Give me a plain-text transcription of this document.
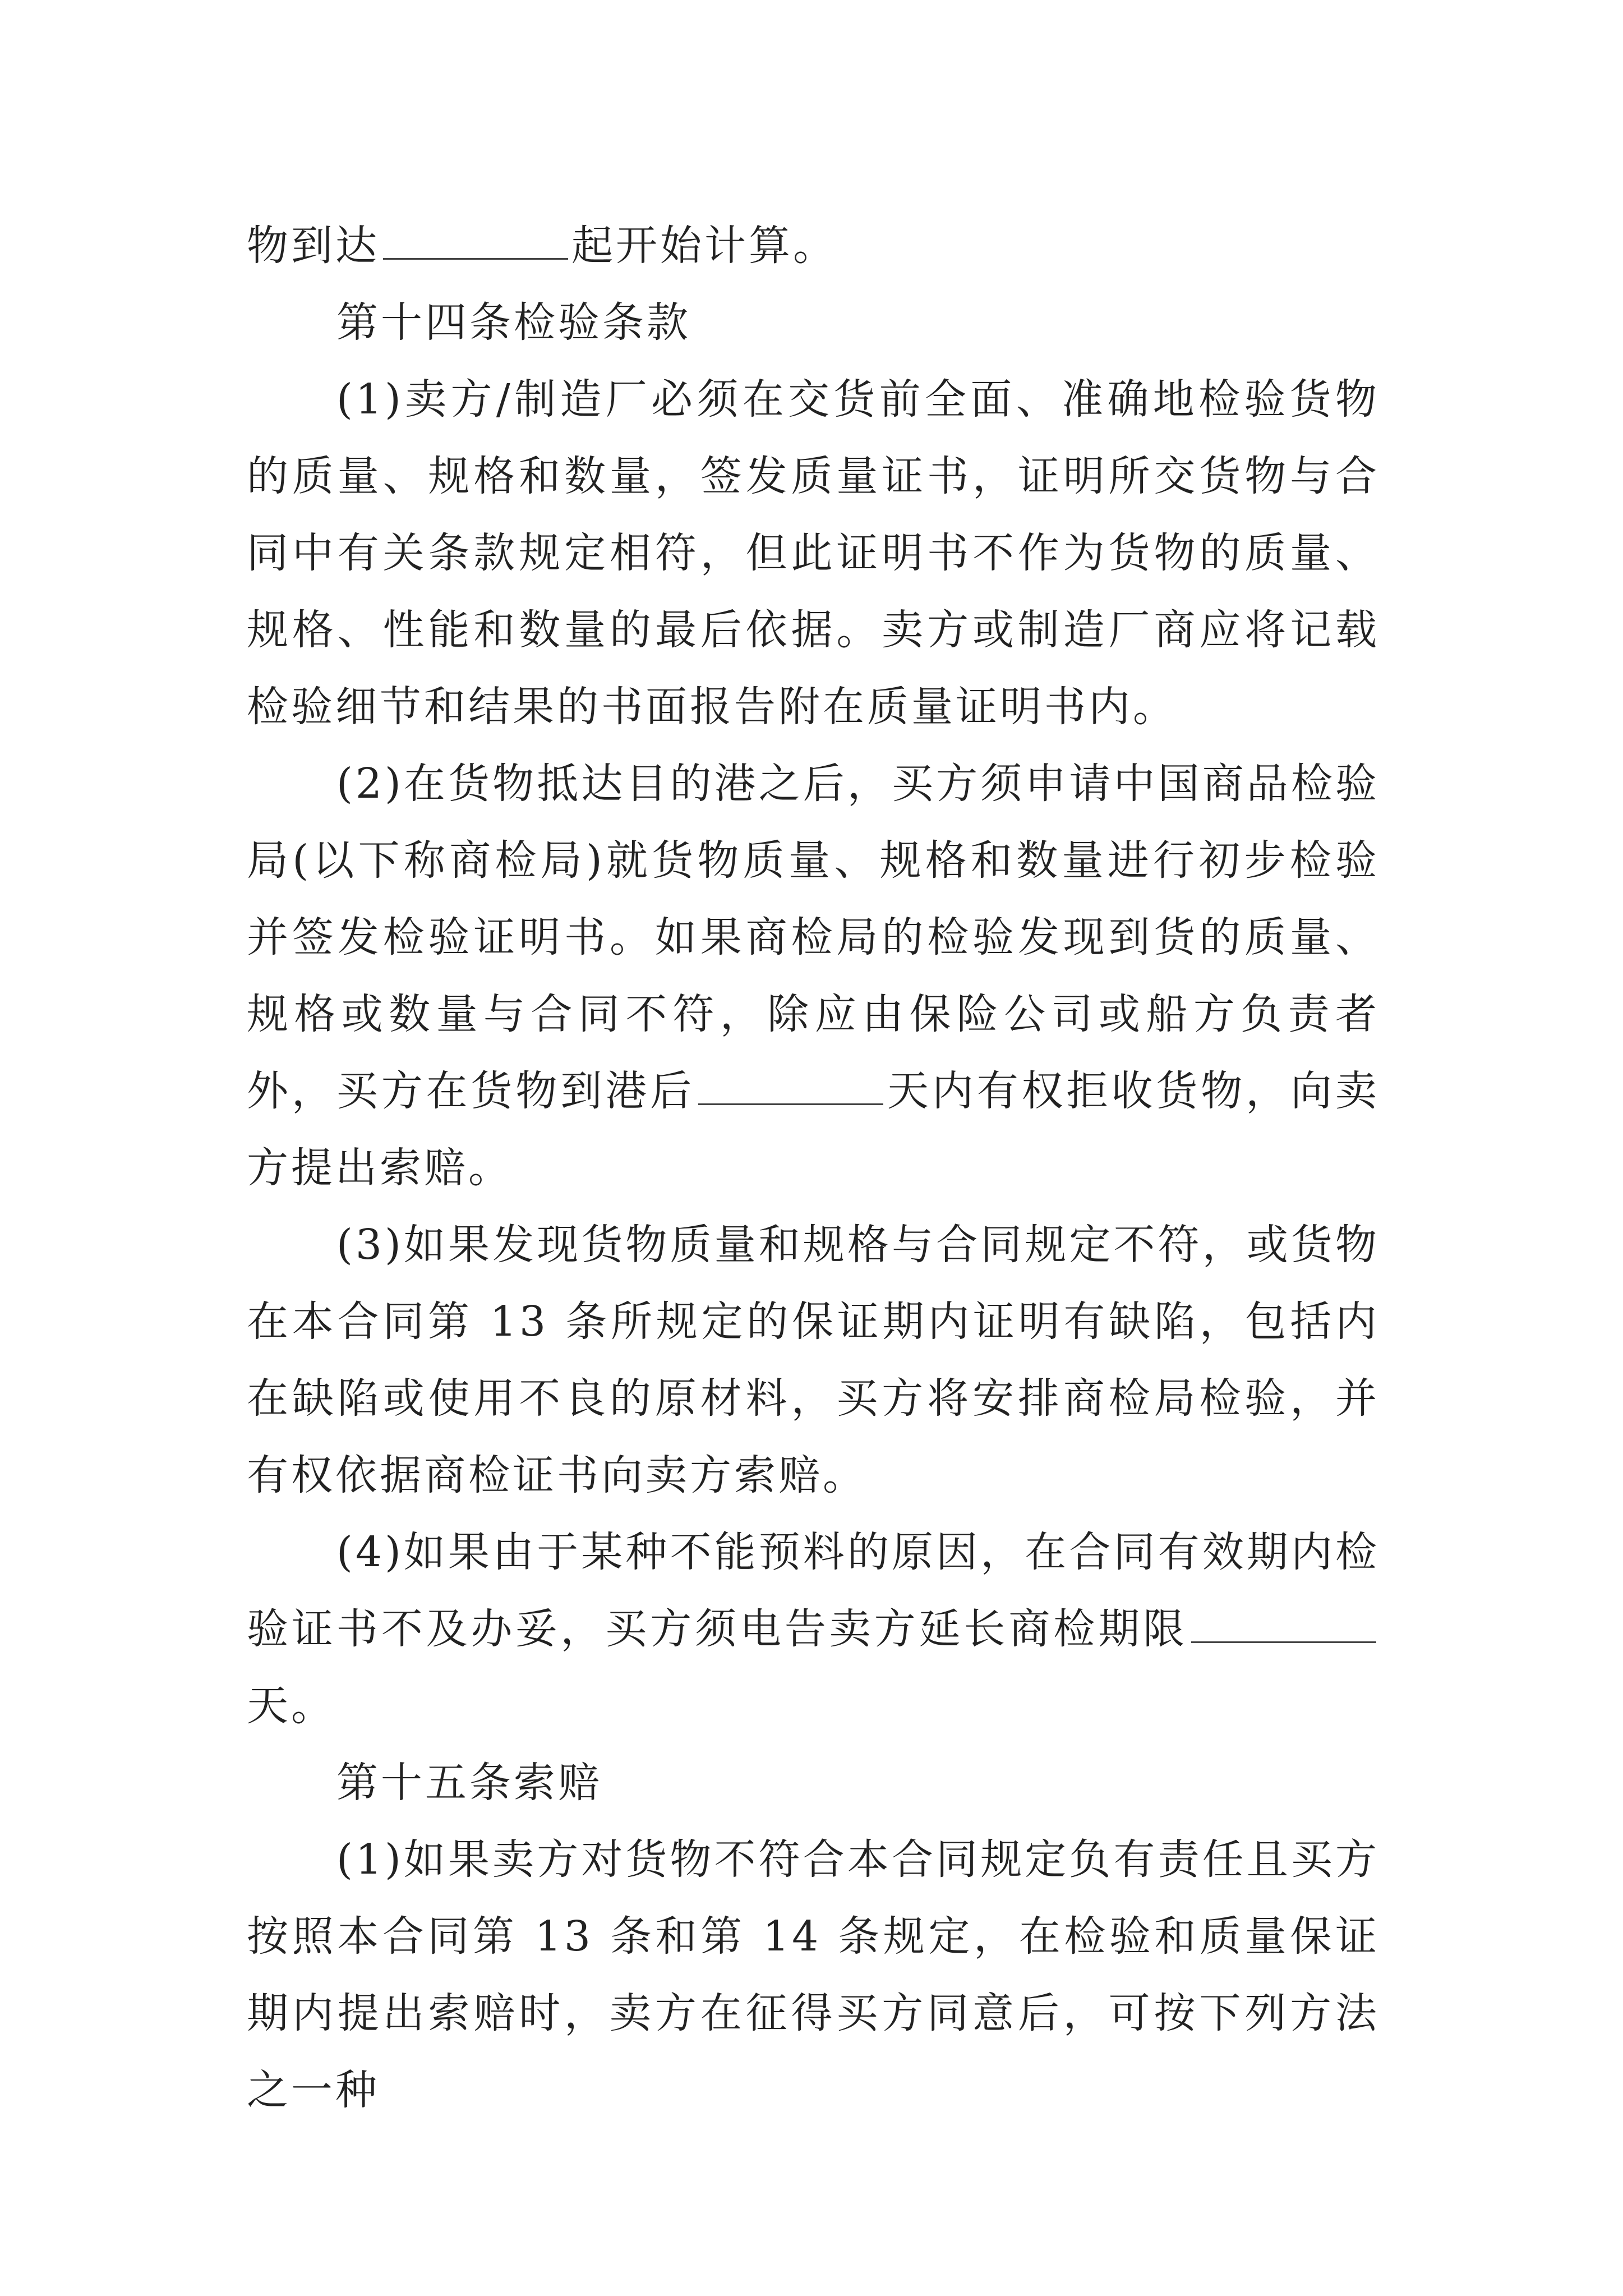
物到达	起开始计算。

第十四条检验条款

(1)卖方/制造厂必须在交货前全面、准确地检验货物的质量、规格和数量，签发质量证书，证明所交货物与合同中有关条款规定相符，但此证明书不作为货物的质量、规格、性能和数量的最后依据。卖方或制造厂商应将记载检验细节和结果的书面报告附在质量证明书内。

(2)在货物抵达目的港之后，买方须申请中国商品检验局(以下称商检局)就货物质量、规格和数量进行初步检验并签发检验证明书。如果商检局的检验发现到货的质量、规格或数量与合同不符，除应由保险公司或船方负责者外，买方在货物到港后	天内有权拒收货物，向卖方提出索赔。

(3)如果发现货物质量和规格与合同规定不符，或货物在本合同第 13 条所规定的保证期内证明有缺陷，包括内在缺陷或使用不良的原材料，买方将安排商检局检验，并有权依据商检证书向卖方索赔。

(4)如果由于某种不能预料的原因，在合同有效期内检验证书不及办妥，买方须电告卖方延长商检期限天。

第十五条索赔

(1)如果卖方对货物不符合本合同规定负有责任且买方按照本合同第 13 条和第 14 条规定，在检验和质量保证期内提出索赔时，卖方在征得买方同意后，可按下列方法之一种
